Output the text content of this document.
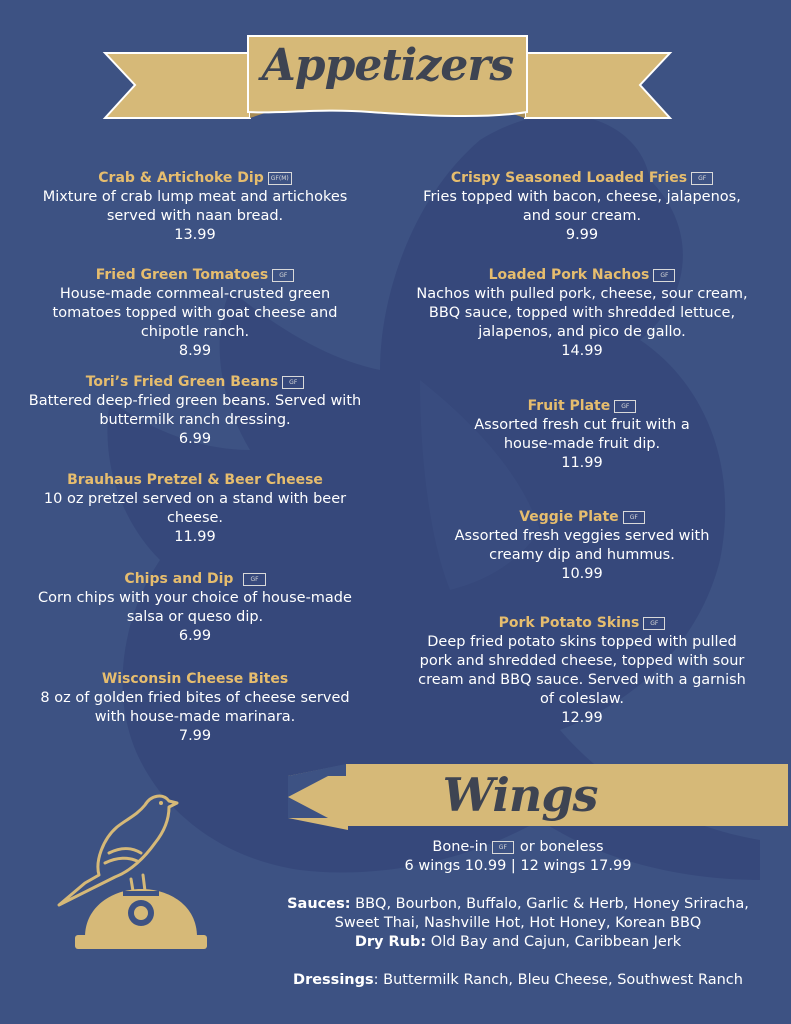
Appetizers
Crab & Artichoke Dip GF(M)
Mixture of crab lump meat and artichokes served with naan bread.
13.99
Fried Green Tomatoes GF
House-made cornmeal-crusted green tomatoes topped with goat cheese and chipotle ranch.
8.99
Tori’s Fried Green Beans GF
Battered deep-fried green beans. Served with buttermilk ranch dressing.
6.99
Brauhaus Pretzel & Beer Cheese
10 oz pretzel served on a stand with beer cheese.
11.99
Chips and Dip	GF
Corn chips with your choice of house-made salsa or queso dip.
6.99
Wisconsin Cheese Bites
8 oz of golden fried bites of cheese served with house-made marinara.
7.99
Crispy Seasoned Loaded Fries GF
Fries topped with bacon, cheese, jalapenos, and sour cream.
9.99
Loaded Pork Nachos GF
Nachos with pulled pork, cheese, sour cream, BBQ sauce, topped with shredded lettuce, jalapenos, and pico de gallo.
14.99
Fruit Plate GF
Assorted fresh cut fruit with a house-made fruit dip.
11.99
Veggie Plate GF
Assorted fresh veggies served with creamy dip and hummus.
10.99
Pork Potato Skins GF
Deep fried potato skins topped with pulled pork and shredded cheese, topped with sour cream and BBQ sauce. Served with a garnish of coleslaw.
12.99
Wings
Bone-in GF or boneless
6 wings 10.99 | 12 wings 17.99
Sauces: BBQ, Bourbon, Buffalo, Garlic & Herb, Honey Sriracha,
Sweet Thai, Nashville Hot, Hot Honey, Korean BBQ
Dry Rub: Old Bay and Cajun, Caribbean Jerk
Dressings: Buttermilk Ranch, Bleu Cheese, Southwest Ranch
